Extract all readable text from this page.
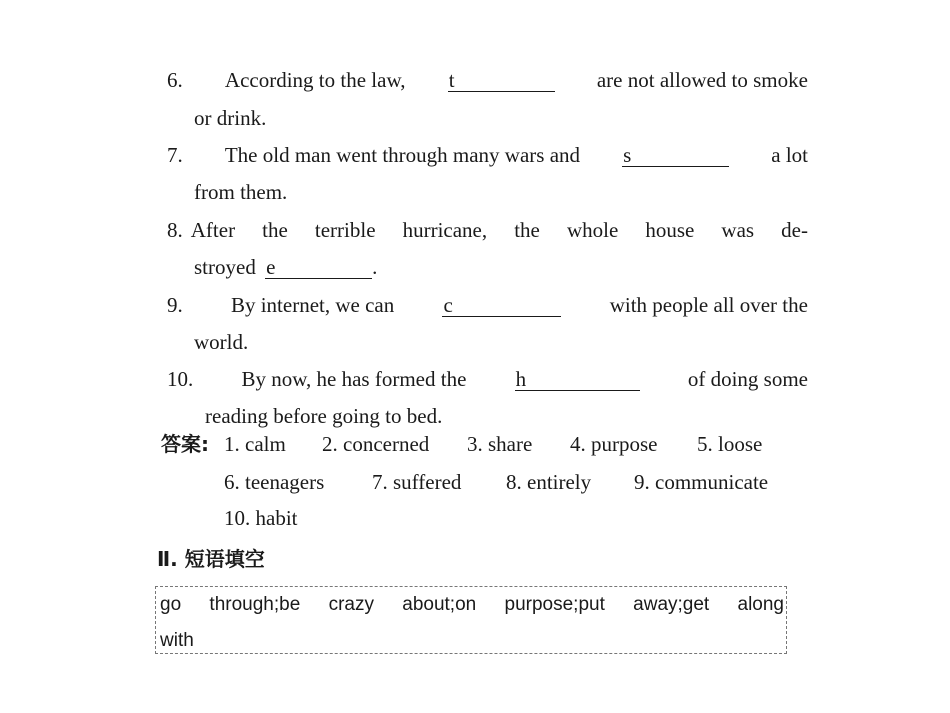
6. According to the law, t	are not allowed to smoke
or drink.
7. The old man went through many wars and s	a lot
from them.
8. After the terrible hurricane, the whole house was de-
stroyed e	.
9. By internet, we can c	with people all over the
world.
10. By now, he has formed the h	of doing some
reading before going to bed.
答案: 1. calm	2. concerned	3. share	4. purpose	5. loose
6. teenagers	7. suffered	8. entirely	9. communicate
10. habit
Ⅱ. 短语填空
go through;be crazy about;on purpose;put away;get along
with
